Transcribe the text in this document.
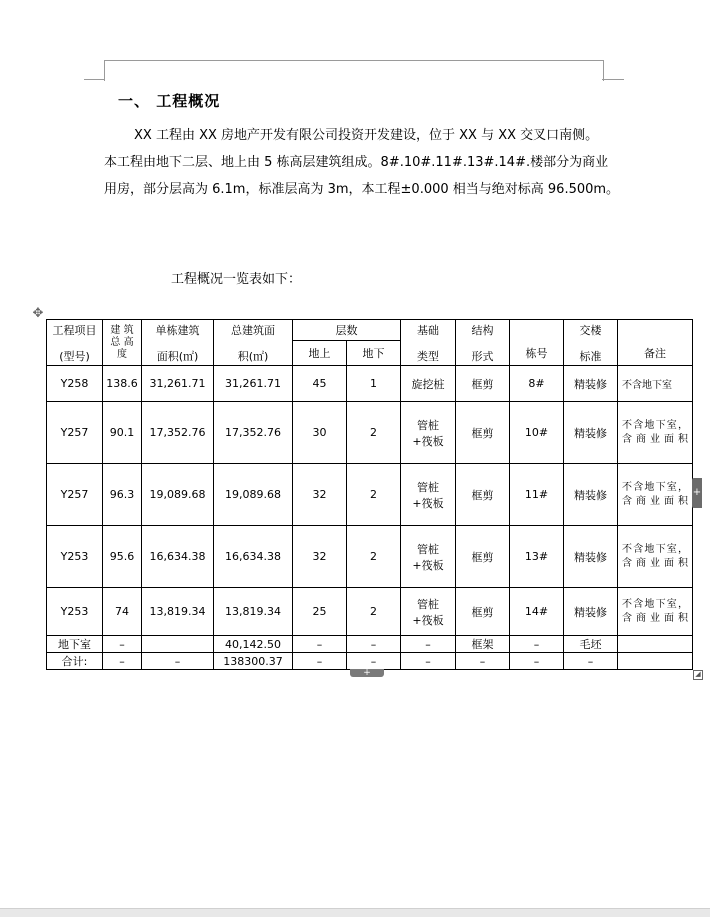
一、 工程概况

XX 工程由 XX 房地产开发有限公司投资开发建设，位于 XX 与 XX 交叉口南侧。

本工程由地下二层、地上由 5 栋高层建筑组成。8#.10#.11#.13#.14#.楼部分为商业

用房，部分层高为 6.1m，标准层高为 3m，本工程±0.000 相当与绝对标高 96.500m。

工程概况一览表如下：
✥
工程项目
(型号)	建 筑
总 高
度	单栋建筑
面积(㎡)	总建筑面
积(㎡)	层数		基础
类型	结构
形式	栋号	交楼
标准	备注
				地上	地下					
Y258	138.6	31,261.71	31,261.71	45	1	旋挖桩	框剪	8#	精装修	不含地下室
Y257	90.1	17,352.76	17,352.76	30	2	管桩+筏板	框剪	10#	精装修	不含地下室，含商业面积
Y257	96.3	19,089.68	19,089.68	32	2	管桩+筏板	框剪	11#	精装修	不含地下室，含商业面积
Y253	95.6	16,634.38	16,634.38	32	2	管桩+筏板	框剪	13#	精装修	不含地下室，含商业面积
Y253	74	13,819.34	13,819.34	25	2	管桩+筏板	框剪	14#	精装修	不含地下室，含商业面积
地下室	–		40,142.50	–	–	–	框架	–	毛坯	
合计:	–	–	138300.37	–	–	–	–	–	–	
+
+	◢
